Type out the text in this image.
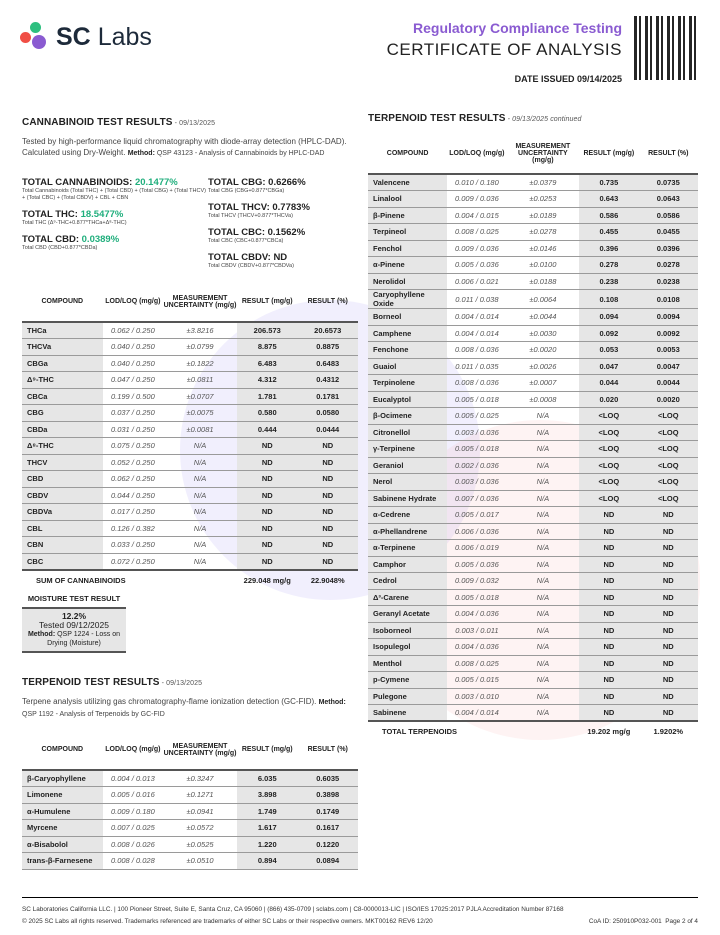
SC Labs	Regulatory Compliance Testing
CERTIFICATE OF ANALYSIS
DATE ISSUED 09/14/2025
CANNABINOID TEST RESULTS - 09/13/2025

Tested by high-performance liquid chromatography with diode-array detection (HPLC-DAD). Calculated using Dry-Weight. Method: QSP 43123 - Analysis of Cannabinoids by HPLC-DAD

TOTAL CANNABINOIDS: 20.1477%
Total Cannabinoids (Total THC) + (Total CBD) + (Total CBG) + (Total THCV) + (Total CBC) + (Total CBDV) + CBL + CBN
TOTAL THC: 18.5477%
Total THC (Δ⁹-THC+0.877*THCa+Δ⁸-THC)
TOTAL CBD: 0.0389%
Total CBD (CBD+0.877*CBDa)
TOTAL CBG: 0.6266%
Total CBG (CBG+0.877*CBGa)
TOTAL THCV: 0.7783%
Total THCV (THCV+0.877*THCVa)
TOTAL CBC: 0.1562%
Total CBC (CBC+0.877*CBCa)
TOTAL CBDV: ND
Total CBDV (CBDV+0.877*CBDVa)
COMPOUND	LOD/LOQ (mg/g)	MEASUREMENT UNCERTAINTY (mg/g)	RESULT (mg/g)	RESULT (%)
THCa	0.062 / 0.250	±3.8216	206.573	20.6573
THCVa	0.040 / 0.250	±0.0799	8.875	0.8875
CBGa	0.040 / 0.250	±0.1822	6.483	0.6483
Δ⁹-THC	0.047 / 0.250	±0.0811	4.312	0.4312
CBCa	0.199 / 0.500	±0.0707	1.781	0.1781
CBG	0.037 / 0.250	±0.0075	0.580	0.0580
CBDa	0.031 / 0.250	±0.0081	0.444	0.0444
Δ⁸-THC	0.075 / 0.250	N/A	ND	ND
THCV	0.052 / 0.250	N/A	ND	ND
CBD	0.062 / 0.250	N/A	ND	ND
CBDV	0.044 / 0.250	N/A	ND	ND
CBDVa	0.017 / 0.250	N/A	ND	ND
CBL	0.126 / 0.382	N/A	ND	ND
CBN	0.033 / 0.250	N/A	ND	ND
CBC	0.072 / 0.250	N/A	ND	ND
SUM OF CANNABINOIDS			229.048 mg/g	22.9048%
MOISTURE TEST RESULT
12.2%
Tested 09/12/2025
Method: QSP 1224 - Loss on Drying (Moisture)
TERPENOID TEST RESULTS - 09/13/2025

Terpene analysis utilizing gas chromatography-flame ionization detection (GC-FID). Method: QSP 1192 - Analysis of Terpenoids by GC-FID

COMPOUND	LOD/LOQ (mg/g)	MEASUREMENT UNCERTAINTY (mg/g)	RESULT (mg/g)	RESULT (%)
β-Caryophyllene	0.004 / 0.013	±0.3247	6.035	0.6035
Limonene	0.005 / 0.016	±0.1271	3.898	0.3898
α-Humulene	0.009 / 0.180	±0.0941	1.749	0.1749
Myrcene	0.007 / 0.025	±0.0572	1.617	0.1617
α-Bisabolol	0.008 / 0.026	±0.0525	1.220	0.1220
trans-β-Farnesene	0.008 / 0.028	±0.0510	0.894	0.0894
TERPENOID TEST RESULTS - 09/13/2025 continued
COMPOUND	LOD/LOQ (mg/g)	MEASUREMENT UNCERTAINTY (mg/g)	RESULT (mg/g)	RESULT (%)
Valencene	0.010 / 0.180	±0.0379	0.735	0.0735
Linalool	0.009 / 0.036	±0.0253	0.643	0.0643
β-Pinene	0.004 / 0.015	±0.0189	0.586	0.0586
Terpineol	0.008 / 0.025	±0.0278	0.455	0.0455
Fenchol	0.009 / 0.036	±0.0146	0.396	0.0396
α-Pinene	0.005 / 0.036	±0.0100	0.278	0.0278
Nerolidol	0.006 / 0.021	±0.0188	0.238	0.0238
Caryophyllene Oxide	0.011 / 0.038	±0.0064	0.108	0.0108
Borneol	0.004 / 0.014	±0.0044	0.094	0.0094
Camphene	0.004 / 0.014	±0.0030	0.092	0.0092
Fenchone	0.008 / 0.036	±0.0020	0.053	0.0053
Guaiol	0.011 / 0.035	±0.0026	0.047	0.0047
Terpinolene	0.008 / 0.036	±0.0007	0.044	0.0044
Eucalyptol	0.005 / 0.018	±0.0008	0.020	0.0020
β-Ocimene	0.005 / 0.025	N/A	<LOQ	<LOQ
Citronellol	0.003 / 0.036	N/A	<LOQ	<LOQ
γ-Terpinene	0.005 / 0.018	N/A	<LOQ	<LOQ
Geraniol	0.002 / 0.036	N/A	<LOQ	<LOQ
Nerol	0.003 / 0.036	N/A	<LOQ	<LOQ
Sabinene Hydrate	0.007 / 0.036	N/A	<LOQ	<LOQ
α-Cedrene	0.005 / 0.017	N/A	ND	ND
α-Phellandrene	0.006 / 0.036	N/A	ND	ND
α-Terpinene	0.006 / 0.019	N/A	ND	ND
Camphor	0.005 / 0.036	N/A	ND	ND
Cedrol	0.009 / 0.032	N/A	ND	ND
Δ³-Carene	0.005 / 0.018	N/A	ND	ND
Geranyl Acetate	0.004 / 0.036	N/A	ND	ND
Isoborneol	0.003 / 0.011	N/A	ND	ND
Isopulegol	0.004 / 0.036	N/A	ND	ND
Menthol	0.008 / 0.025	N/A	ND	ND
p-Cymene	0.005 / 0.015	N/A	ND	ND
Pulegone	0.003 / 0.010	N/A	ND	ND
Sabinene	0.004 / 0.014	N/A	ND	ND
TOTAL TERPENOIDS			19.202 mg/g	1.9202%
SC Laboratories California LLC. | 100 Pioneer Street, Suite E, Santa Cruz, CA 95060 | (866) 435-0709 | sclabs.com | C8-0000013-LIC | ISO/IES 17025:2017 PJLA Accreditation Number 87168
© 2025 SC Labs all rights reserved. Trademarks referenced are trademarks of either SC Labs or their respective owners. MKT00162 REV6 12/20	CoA ID: 250910P032-001 Page 2 of 4
